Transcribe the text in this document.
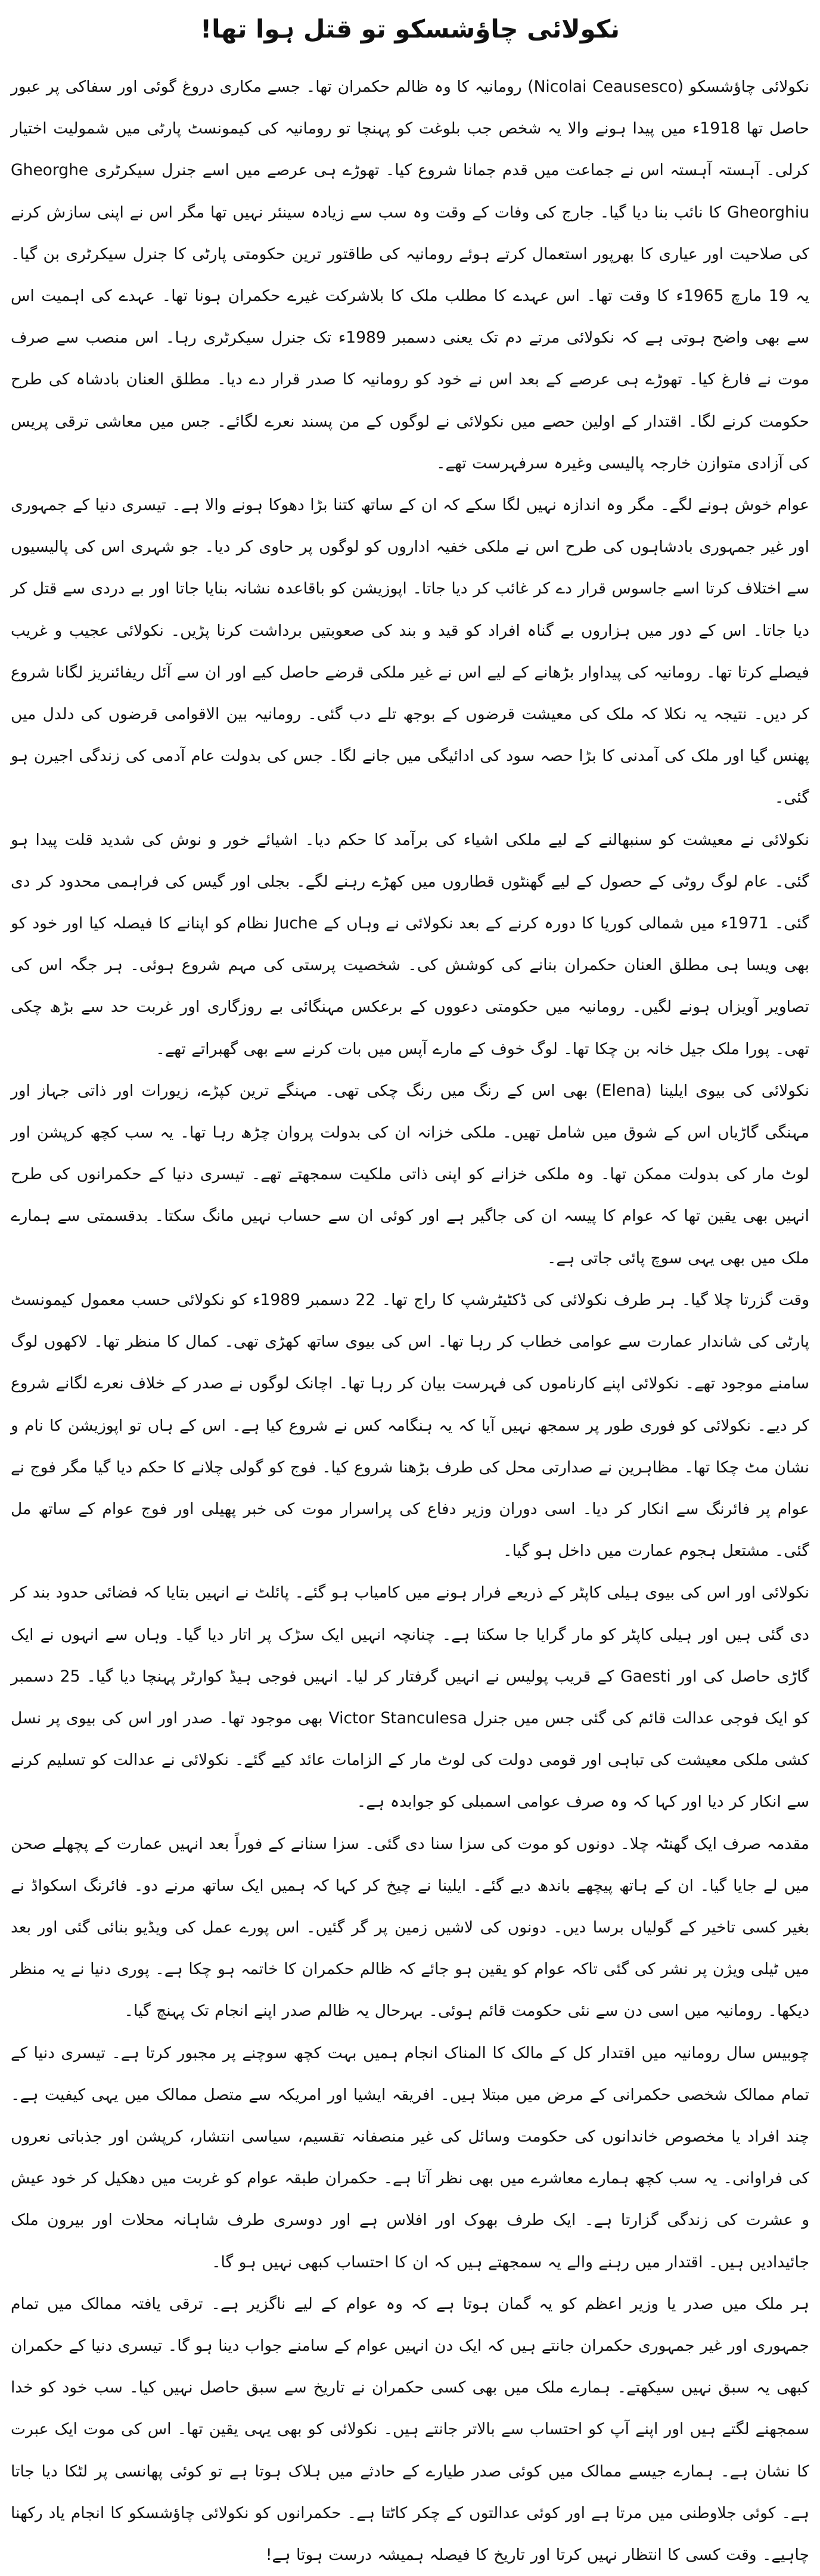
نکولائی چاؤشسکو تو قتل ہوا تھا!

نکولائی چاؤشسکو (Nicolai Ceausesco) رومانیہ کا وہ ظالم حکمران تھا۔ جسے مکاری دروغ گوئی اور سفاکی پر عبور حاصل تھا 1918ء میں پیدا ہونے والا یہ شخص جب بلوغت کو پہنچا تو رومانیہ کی کیمونسٹ پارٹی میں شمولیت اختیار کرلی۔ آہستہ آہستہ اس نے جماعت میں قدم جمانا شروع کیا۔ تھوڑے ہی عرصے میں اسے جنرل سیکرٹری Gheorghe Gheorghiu کا نائب بنا دیا گیا۔ جارج کی وفات کے وقت وہ سب سے زیادہ سینئر نہیں تھا مگر اس نے اپنی سازش کرنے کی صلاحیت اور عیاری کا بھرپور استعمال کرتے ہوئے رومانیہ کی طاقتور ترین حکومتی پارٹی کا جنرل سیکرٹری بن گیا۔ یہ 19 مارچ 1965ء کا وقت تھا۔ اس عہدے کا مطلب ملک کا بلاشرکت غیرے حکمران ہونا تھا۔ عہدے کی اہمیت اس سے بھی واضح ہوتی ہے کہ نکولائی مرتے دم تک یعنی دسمبر 1989ء تک جنرل سیکرٹری رہا۔ اس منصب سے صرف موت نے فارغ کیا۔ تھوڑے ہی عرصے کے بعد اس نے خود کو رومانیہ کا صدر قرار دے دیا۔ مطلق العنان بادشاہ کی طرح حکومت کرنے لگا۔ اقتدار کے اولین حصے میں نکولائی نے لوگوں کے من پسند نعرے لگائے۔ جس میں معاشی ترقی پریس کی آزادی متوازن خارجہ پالیسی وغیرہ سرفہرست تھے۔

عوام خوش ہونے لگے۔ مگر وہ اندازہ نہیں لگا سکے کہ ان کے ساتھ کتنا بڑا دھوکا ہونے والا ہے۔ تیسری دنیا کے جمہوری اور غیر جمہوری بادشاہوں کی طرح اس نے ملکی خفیہ اداروں کو لوگوں پر حاوی کر دیا۔ جو شہری اس کی پالیسیوں سے اختلاف کرتا اسے جاسوس قرار دے کر غائب کر دیا جاتا۔ اپوزیشن کو باقاعدہ نشانہ بنایا جاتا اور بے دردی سے قتل کر دیا جاتا۔ اس کے دور میں ہزاروں بے گناہ افراد کو قید و بند کی صعوبتیں برداشت کرنا پڑیں۔ نکولائی عجیب و غریب فیصلے کرتا تھا۔ رومانیہ کی پیداوار بڑھانے کے لیے اس نے غیر ملکی قرضے حاصل کیے اور ان سے آئل ریفائنریز لگانا شروع کر دیں۔ نتیجہ یہ نکلا کہ ملک کی معیشت قرضوں کے بوجھ تلے دب گئی۔ رومانیہ بین الاقوامی قرضوں کی دلدل میں پھنس گیا اور ملک کی آمدنی کا بڑا حصہ سود کی ادائیگی میں جانے لگا۔ جس کی بدولت عام آدمی کی زندگی اجیرن ہو گئی۔

نکولائی نے معیشت کو سنبھالنے کے لیے ملکی اشیاء کی برآمد کا حکم دیا۔ اشیائے خور و نوش کی شدید قلت پیدا ہو گئی۔ عام لوگ روٹی کے حصول کے لیے گھنٹوں قطاروں میں کھڑے رہنے لگے۔ بجلی اور گیس کی فراہمی محدود کر دی گئی۔ 1971ء میں شمالی کوریا کا دورہ کرنے کے بعد نکولائی نے وہاں کے Juche نظام کو اپنانے کا فیصلہ کیا اور خود کو بھی ویسا ہی مطلق العنان حکمران بنانے کی کوشش کی۔ شخصیت پرستی کی مہم شروع ہوئی۔ ہر جگہ اس کی تصاویر آویزاں ہونے لگیں۔ رومانیہ میں حکومتی دعووں کے برعکس مہنگائی بے روزگاری اور غربت حد سے بڑھ چکی تھی۔ پورا ملک جیل خانہ بن چکا تھا۔ لوگ خوف کے مارے آپس میں بات کرنے سے بھی گھبراتے تھے۔

نکولائی کی بیوی ایلینا (Elena) بھی اس کے رنگ میں رنگ چکی تھی۔ مہنگے ترین کپڑے، زیورات اور ذاتی جہاز اور مہنگی گاڑیاں اس کے شوق میں شامل تھیں۔ ملکی خزانہ ان کی بدولت پروان چڑھ رہا تھا۔ یہ سب کچھ کرپشن اور لوٹ مار کی بدولت ممکن تھا۔ وہ ملکی خزانے کو اپنی ذاتی ملکیت سمجھتے تھے۔ تیسری دنیا کے حکمرانوں کی طرح انہیں بھی یقین تھا کہ عوام کا پیسہ ان کی جاگیر ہے اور کوئی ان سے حساب نہیں مانگ سکتا۔ بدقسمتی سے ہمارے ملک میں بھی یہی سوچ پائی جاتی ہے۔

وقت گزرتا چلا گیا۔ ہر طرف نکولائی کی ڈکٹیٹرشپ کا راج تھا۔ 22 دسمبر 1989ء کو نکولائی حسب معمول کیمونسٹ پارٹی کی شاندار عمارت سے عوامی خطاب کر رہا تھا۔ اس کی بیوی ساتھ کھڑی تھی۔ کمال کا منظر تھا۔ لاکھوں لوگ سامنے موجود تھے۔ نکولائی اپنے کارناموں کی فہرست بیان کر رہا تھا۔ اچانک لوگوں نے صدر کے خلاف نعرے لگانے شروع کر دیے۔ نکولائی کو فوری طور پر سمجھ نہیں آیا کہ یہ ہنگامہ کس نے شروع کیا ہے۔ اس کے ہاں تو اپوزیشن کا نام و نشان مٹ چکا تھا۔ مظاہرین نے صدارتی محل کی طرف بڑھنا شروع کیا۔ فوج کو گولی چلانے کا حکم دیا گیا مگر فوج نے عوام پر فائرنگ سے انکار کر دیا۔ اسی دوران وزیر دفاع کی پراسرار موت کی خبر پھیلی اور فوج عوام کے ساتھ مل گئی۔ مشتعل ہجوم عمارت میں داخل ہو گیا۔

نکولائی اور اس کی بیوی ہیلی کاپٹر کے ذریعے فرار ہونے میں کامیاب ہو گئے۔ پائلٹ نے انہیں بتایا کہ فضائی حدود بند کر دی گئی ہیں اور ہیلی کاپٹر کو مار گرایا جا سکتا ہے۔ چنانچہ انہیں ایک سڑک پر اتار دیا گیا۔ وہاں سے انہوں نے ایک گاڑی حاصل کی اور Gaesti کے قریب پولیس نے انہیں گرفتار کر لیا۔ انہیں فوجی ہیڈ کوارٹر پہنچا دیا گیا۔ 25 دسمبر کو ایک فوجی عدالت قائم کی گئی جس میں جنرل Victor Stanculesa بھی موجود تھا۔ صدر اور اس کی بیوی پر نسل کشی ملکی معیشت کی تباہی اور قومی دولت کی لوٹ مار کے الزامات عائد کیے گئے۔ نکولائی نے عدالت کو تسلیم کرنے سے انکار کر دیا اور کہا کہ وہ صرف عوامی اسمبلی کو جوابدہ ہے۔

مقدمہ صرف ایک گھنٹہ چلا۔ دونوں کو موت کی سزا سنا دی گئی۔ سزا سنانے کے فوراً بعد انہیں عمارت کے پچھلے صحن میں لے جایا گیا۔ ان کے ہاتھ پیچھے باندھ دیے گئے۔ ایلینا نے چیخ کر کہا کہ ہمیں ایک ساتھ مرنے دو۔ فائرنگ اسکواڈ نے بغیر کسی تاخیر کے گولیاں برسا دیں۔ دونوں کی لاشیں زمین پر گر گئیں۔ اس پورے عمل کی ویڈیو بنائی گئی اور بعد میں ٹیلی ویژن پر نشر کی گئی تاکہ عوام کو یقین ہو جائے کہ ظالم حکمران کا خاتمہ ہو چکا ہے۔ پوری دنیا نے یہ منظر دیکھا۔ رومانیہ میں اسی دن سے نئی حکومت قائم ہوئی۔ بہرحال یہ ظالم صدر اپنے انجام تک پہنچ گیا۔

چوبیس سال رومانیہ میں اقتدار کل کے مالک کا المناک انجام ہمیں بہت کچھ سوچنے پر مجبور کرتا ہے۔ تیسری دنیا کے تمام ممالک شخصی حکمرانی کے مرض میں مبتلا ہیں۔ افریقہ ایشیا اور امریکہ سے متصل ممالک میں یہی کیفیت ہے۔ چند افراد یا مخصوص خاندانوں کی حکومت وسائل کی غیر منصفانہ تقسیم، سیاسی انتشار، کرپشن اور جذباتی نعروں کی فراوانی۔ یہ سب کچھ ہمارے معاشرے میں بھی نظر آتا ہے۔ حکمران طبقہ عوام کو غربت میں دھکیل کر خود عیش و عشرت کی زندگی گزارتا ہے۔ ایک طرف بھوک اور افلاس ہے اور دوسری طرف شاہانہ محلات اور بیرون ملک جائیدادیں ہیں۔ اقتدار میں رہنے والے یہ سمجھتے ہیں کہ ان کا احتساب کبھی نہیں ہو گا۔

ہر ملک میں صدر یا وزیر اعظم کو یہ گمان ہوتا ہے کہ وہ عوام کے لیے ناگزیر ہے۔ ترقی یافتہ ممالک میں تمام جمہوری اور غیر جمہوری حکمران جانتے ہیں کہ ایک دن انہیں عوام کے سامنے جواب دینا ہو گا۔ تیسری دنیا کے حکمران کبھی یہ سبق نہیں سیکھتے۔ ہمارے ملک میں بھی کسی حکمران نے تاریخ سے سبق حاصل نہیں کیا۔ سب خود کو خدا سمجھنے لگتے ہیں اور اپنے آپ کو احتساب سے بالاتر جانتے ہیں۔ نکولائی کو بھی یہی یقین تھا۔ اس کی موت ایک عبرت کا نشان ہے۔ ہمارے جیسے ممالک میں کوئی صدر طیارے کے حادثے میں ہلاک ہوتا ہے تو کوئی پھانسی پر لٹکا دیا جاتا ہے۔ کوئی جلاوطنی میں مرتا ہے اور کوئی عدالتوں کے چکر کاٹتا ہے۔ حکمرانوں کو نکولائی چاؤشسکو کا انجام یاد رکھنا چاہیے۔ وقت کسی کا انتظار نہیں کرتا اور تاریخ کا فیصلہ ہمیشہ درست ہوتا ہے!
